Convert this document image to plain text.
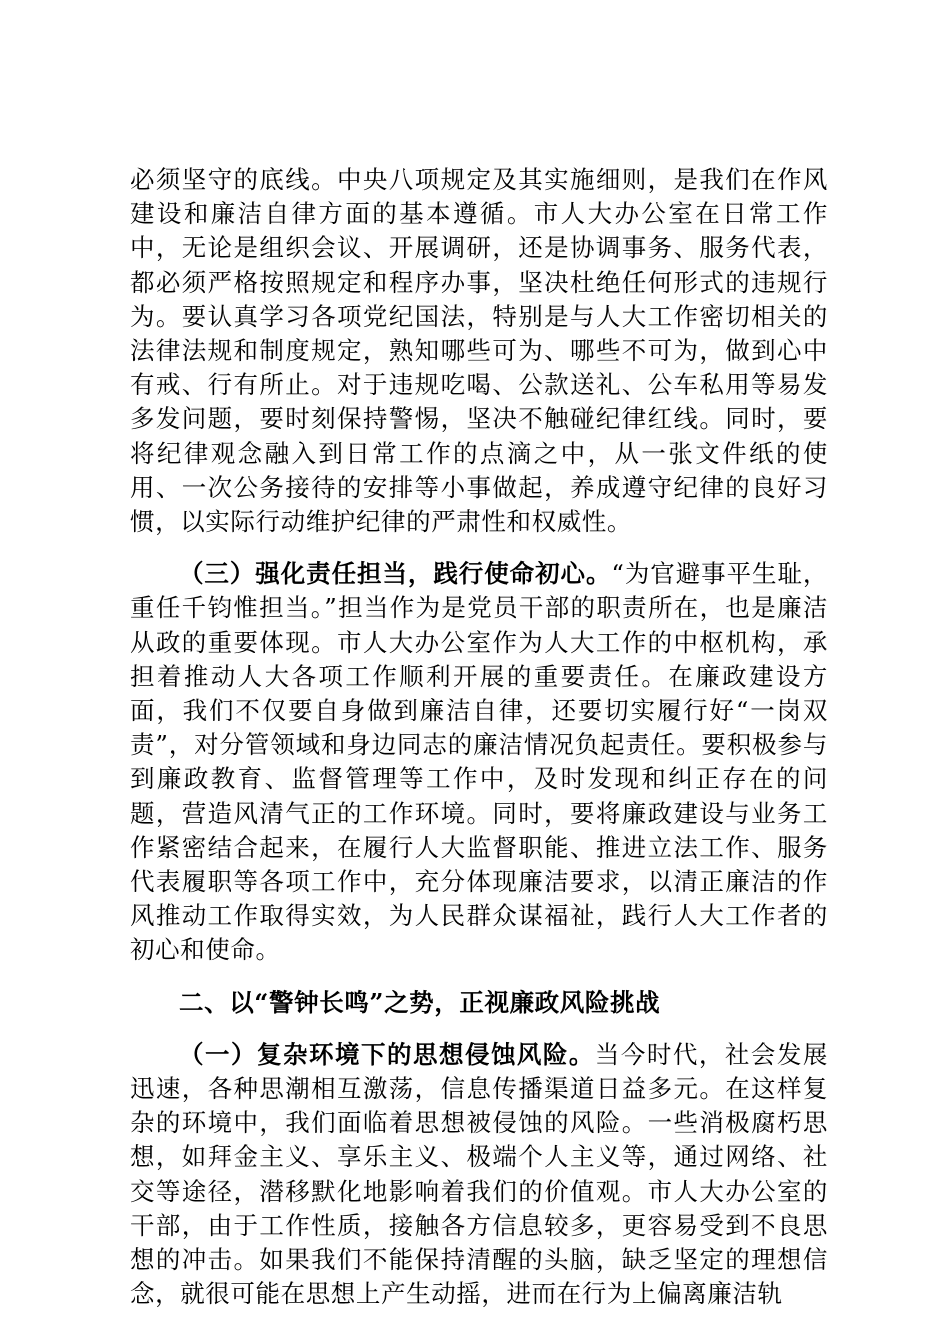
必须坚守的底线。中央八项规定及其实施细则，是我们在作风建设和廉洁自律方面的基本遵循。市人大办公室在日常工作中，无论是组织会议、开展调研，还是协调事务、服务代表，都必须严格按照规定和程序办事，坚决杜绝任何形式的违规行为。要认真学习各项党纪国法，特别是与人大工作密切相关的法律法规和制度规定，熟知哪些可为、哪些不可为，做到心中有戒、行有所止。对于违规吃喝、公款送礼、公车私用等易发多发问题，要时刻保持警惕，坚决不触碰纪律红线。同时，要将纪律观念融入到日常工作的点滴之中，从一张文件纸的使用、一次公务接待的安排等小事做起，养成遵守纪律的良好习惯，以实际行动维护纪律的严肃性和权威性。

（三）强化责任担当，践行使命初心。“为官避事平生耻，重任千钧惟担当。”担当作为是党员干部的职责所在，也是廉洁从政的重要体现。市人大办公室作为人大工作的中枢机构，承担着推动人大各项工作顺利开展的重要责任。在廉政建设方面，我们不仅要自身做到廉洁自律，还要切实履行好“一岗双责”，对分管领域和身边同志的廉洁情况负起责任。要积极参与到廉政教育、监督管理等工作中，及时发现和纠正存在的问题，营造风清气正的工作环境。同时，要将廉政建设与业务工作紧密结合起来，在履行人大监督职能、推进立法工作、服务代表履职等各项工作中，充分体现廉洁要求，以清正廉洁的作风推动工作取得实效，为人民群众谋福祉，践行人大工作者的初心和使命。

二、以“警钟长鸣”之势，正视廉政风险挑战

（一）复杂环境下的思想侵蚀风险。当今时代，社会发展迅速，各种思潮相互激荡，信息传播渠道日益多元。在这样复杂的环境中，我们面临着思想被侵蚀的风险。一些消极腐朽思想，如拜金主义、享乐主义、极端个人主义等，通过网络、社交等途径，潜移默化地影响着我们的价值观。市人大办公室的干部，由于工作性质，接触各方信息较多，更容易受到不良思想的冲击。如果我们不能保持清醒的头脑，缺乏坚定的理想信念，就很可能在思想上产生动摇，进而在行为上偏离廉洁轨
